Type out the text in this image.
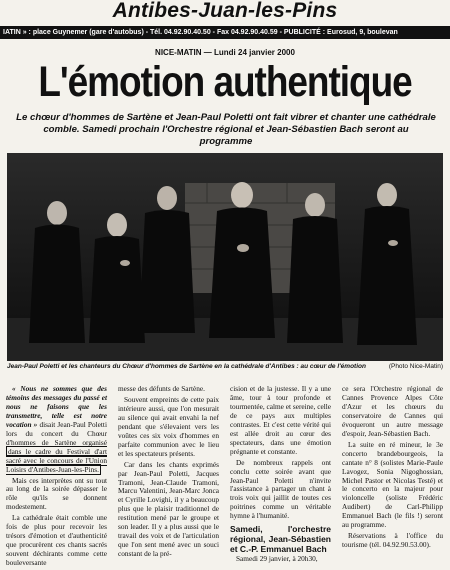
Antibes-Juan-les-Pins
IATIN » : place Guynemer (gare d'autobus) - Tél. 04.92.90.40.50 - Fax 04.92.90.40.59 - PUBLICITÉ : Eurosud, 9, boulevan
NICE-MATIN — Lundi 24 janvier 2000
L'émotion authentique
Le chœur d'hommes de Sartène et Jean-Paul Poletti ont fait vibrer et chanter une cathédrale comble. Samedi prochain l'Orchestre régional et Jean-Sébastien Bach seront au programme
Jean-Paul Poletti et les chanteurs du Chœur d'hommes de Sartène en la cathédrale d'Antibes : au cœur de l'émotion	(Photo Nice-Matin)

« Nous ne sommes que des témoins des messages du passé et nous ne faisons que les transmettre, telle est notre vocation » disait Jean-Paul Poletti lors du concert du Chœur d'hommes de Sartène organisé dans le cadre du Festival d'art sacré avec le concours de l'Union Loisirs d'Antibes-Juan-les-Pins.

Mais ces interprètes ont su tout au long de la soirée dépasser le rôle qu'ils se donnent modestement.

La cathédrale était comble une fois de plus pour recevoir les trésors d'émotion et d'authenticité que procurèrent ces chants sacrés souvent déchirants comme cette bouleversante

messe des défunts de Sartène.

Souvent empreints de cette paix intérieure aussi, que l'on mesurait au silence qui avait envahi la nef pendant que s'élevaient vers les voûtes ces six voix d'hommes en parfaite communion avec le lieu et les spectateurs présents.

Car dans les chants exprimés par Jean-Paul Poletti, Jacques Tramoni, Jean-Claude Tramoni, Marcu Valentini, Jean-Marc Jonca et Cyrille Lovighi, il y a beaucoup plus que le plaisir traditionnel de restitution mené par le groupe et son leader. Il y a plus aussi que le travail des voix et de l'articulation que l'on sent mené avec un souci constant de la pré-

cision et de la justesse. Il y a une âme, tour à tour profonde et tourmentée, calme et sereine, celle de ce pays aux multiples contrastes. Et c'est cette vérité qui est allée droit au cœur des spectateurs, dans une émotion prégnante et constante.

De nombreux rappels ont conclu cette soirée avant que Jean-Paul Poletti n'invite l'assistance à partager un chant à trois voix qui jaillit de toutes ces poitrines comme un véritable hymne à l'humanité.

Samedi, l'orchestre régional, Jean-Sébastien et C.-P. Emmanuel Bach

Samedi 29 janvier, à 20h30,

ce sera l'Orchestre régional de Cannes Provence Alpes Côte d'Azur et les chœurs du conservatoire de Cannes qui évoqueront un autre message d'espoir, Jean-Sébastien Bach.

La suite en ré mineur, le 3e concerto brandebourgeois, la cantate n° 8 (solistes Marie-Paule Lavogez, Sonia Nigoghossian, Michel Pastor et Nicolas Testé) et le concerto en la majeur pour violoncelle (soliste Frédéric Audibert) de Carl-Philipp Emmanuel Bach (le fils !) seront au programme.

Réservations à l'office du tourisme (tél. 04.92.90.53.00).
